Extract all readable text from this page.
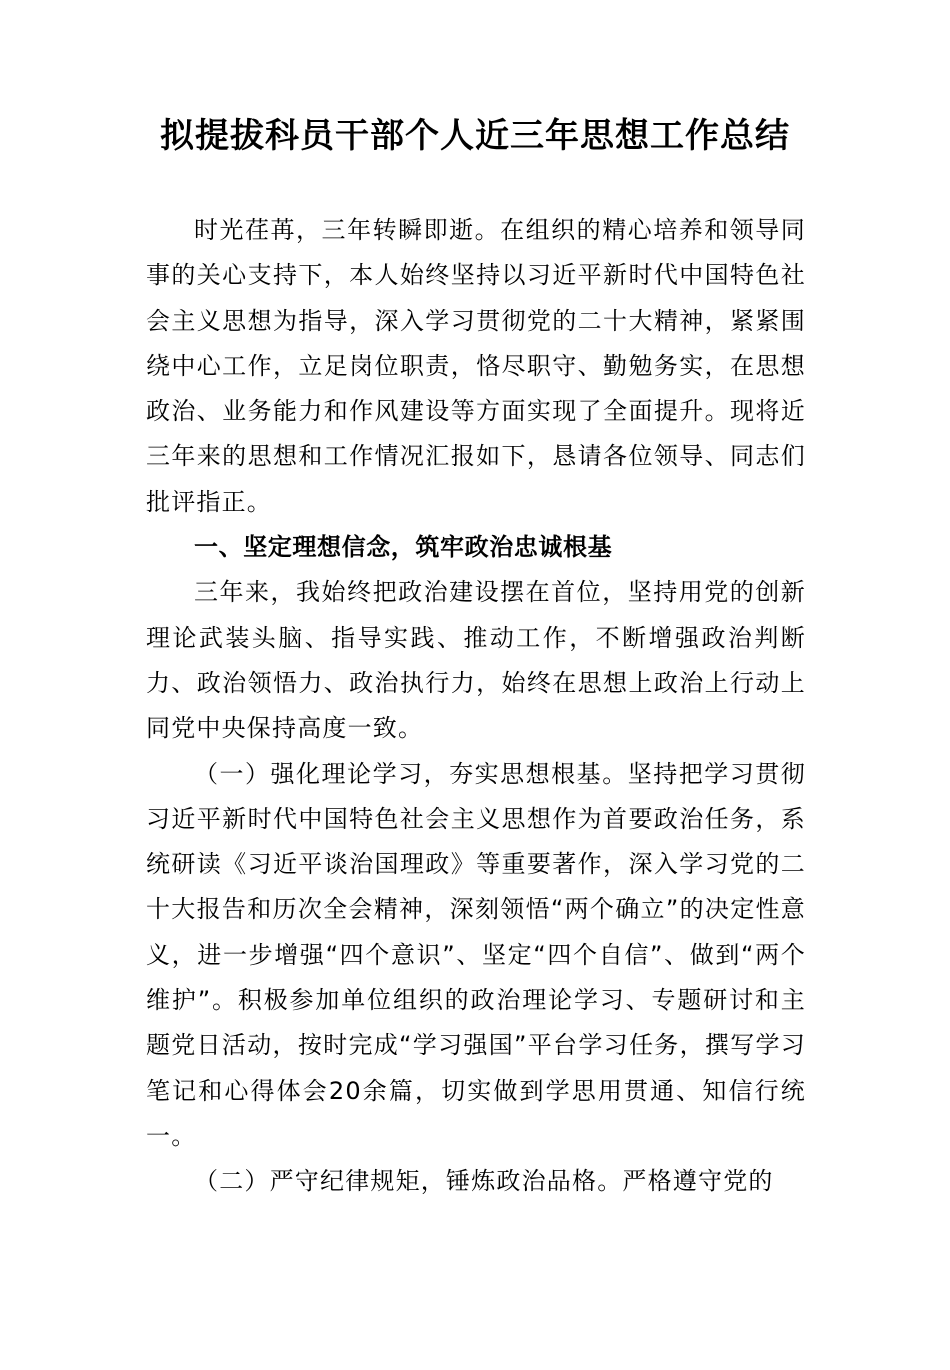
拟提拔科员干部个人近三年思想工作总结

时光荏苒，三年转瞬即逝。在组织的精心培养和领导同事的关心支持下，本人始终坚持以习近平新时代中国特色社会主义思想为指导，深入学习贯彻党的二十大精神，紧紧围绕中心工作，立足岗位职责，恪尽职守、勤勉务实，在思想政治、业务能力和作风建设等方面实现了全面提升。现将近三年来的思想和工作情况汇报如下，恳请各位领导、同志们批评指正。

一、坚定理想信念，筑牢政治忠诚根基

三年来，我始终把政治建设摆在首位，坚持用党的创新理论武装头脑、指导实践、推动工作，不断增强政治判断力、政治领悟力、政治执行力，始终在思想上政治上行动上同党中央保持高度一致。

（一）强化理论学习，夯实思想根基。坚持把学习贯彻习近平新时代中国特色社会主义思想作为首要政治任务，系统研读《习近平谈治国理政》等重要著作，深入学习党的二十大报告和历次全会精神，深刻领悟“两个确立”的决定性意义，进一步增强“四个意识”、坚定“四个自信”、做到“两个维护”。积极参加单位组织的政治理论学习、专题研讨和主题党日活动，按时完成“学习强国”平台学习任务，撰写学习笔记和心得体会20余篇，切实做到学思用贯通、知信行统一。

（二）严守纪律规矩，锤炼政治品格。严格遵守党的
